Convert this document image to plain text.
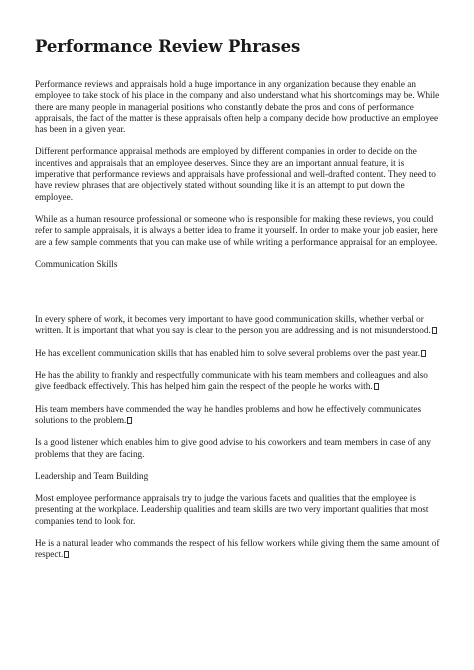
Performance Review Phrases

Performance reviews and appraisals hold a huge importance in any organization because they enable an employee to take stock of his place in the company and also understand what his shortcomings may be. While there are many people in managerial positions who constantly debate the pros and cons of performance appraisals, the fact of the matter is these appraisals often help a company decide how productive an employee has been in a given year.

Different performance appraisal methods are employed by different companies in order to decide on the incentives and appraisals that an employee deserves. Since they are an important annual feature, it is imperative that performance reviews and appraisals have professional and well-drafted content. They need to have review phrases that are objectively stated without sounding like it is an attempt to put down the employee.

While as a human resource professional or someone who is responsible for making these reviews, you could refer to sample appraisals, it is always a better idea to frame it yourself. In order to make your job easier, here are a few sample comments that you can make use of while writing a performance appraisal for an employee.

Communication Skills

In every sphere of work, it becomes very important to have good communication skills, whether verbal or written. It is important that what you say is clear to the person you are addressing and is not misunderstood.

He has excellent communication skills that has enabled him to solve several problems over the past year.

He has the ability to frankly and respectfully communicate with his team members and colleagues and also give feedback effectively. This has helped him gain the respect of the people he works with.

His team members have commended the way he handles problems and how he effectively communicates solutions to the problem.

Is a good listener which enables him to give good advise to his coworkers and team members in case of any problems that they are facing.

Leadership and Team Building

Most employee performance appraisals try to judge the various facets and qualities that the employee is presenting at the workplace. Leadership qualities and team skills are two very important qualities that most companies tend to look for.

He is a natural leader who commands the respect of his fellow workers while giving them the same amount of respect.
